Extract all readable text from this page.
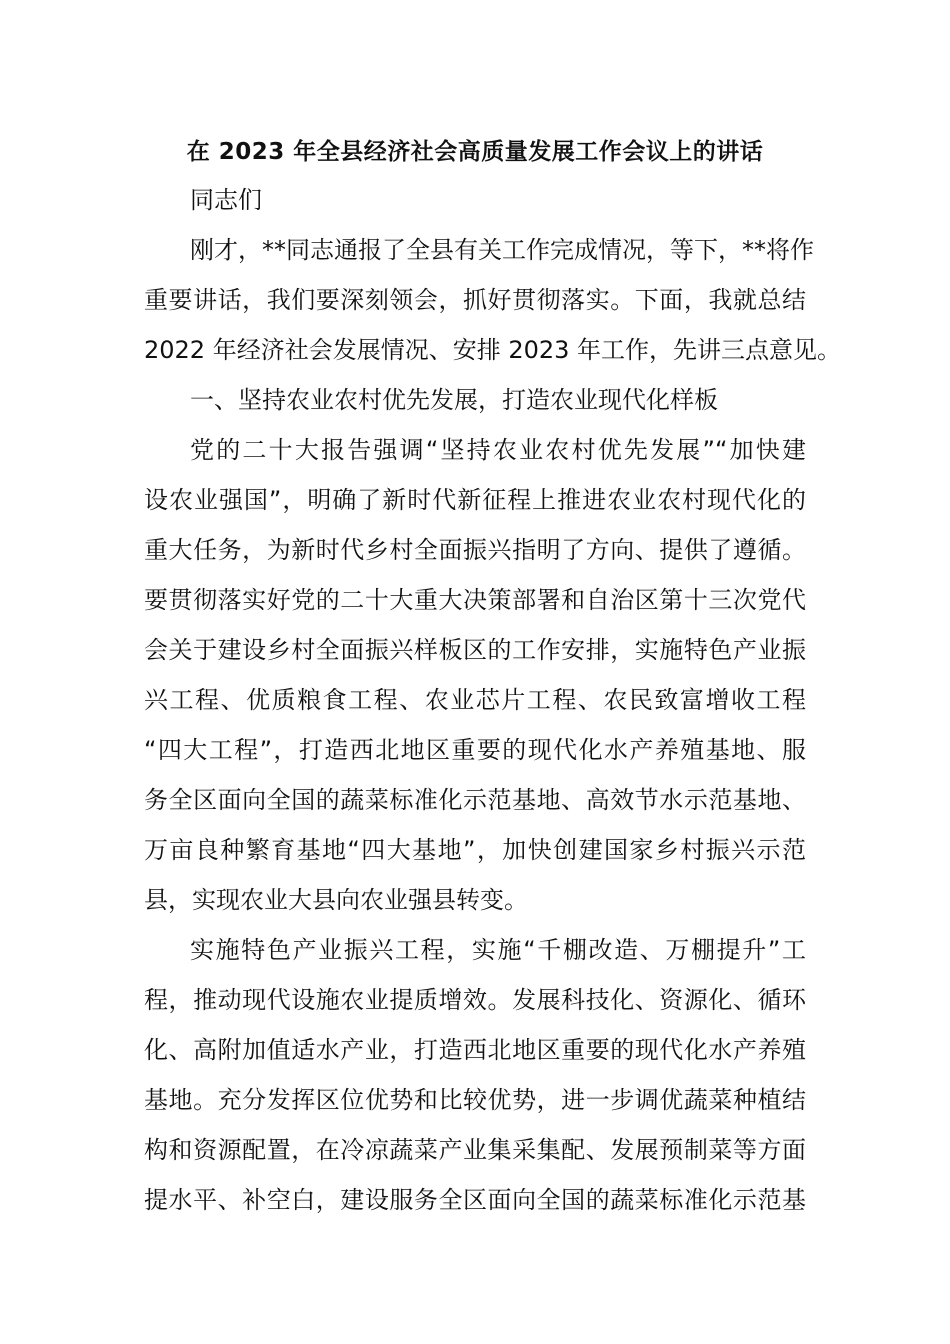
在 2023 年全县经济社会高质量发展工作会议上的讲话

同志们

刚才，**同志通报了全县有关工作完成情况，等下，**将作

重要讲话，我们要深刻领会，抓好贯彻落实。下面，我就总结

2022 年经济社会发展情况、安排 2023 年工作，先讲三点意见。

一、坚持农业农村优先发展，打造农业现代化样板

党的二十大报告强调“坚持农业农村优先发展”“加快建

设农业强国”，明确了新时代新征程上推进农业农村现代化的

重大任务，为新时代乡村全面振兴指明了方向、提供了遵循。

要贯彻落实好党的二十大重大决策部署和自治区第十三次党代

会关于建设乡村全面振兴样板区的工作安排，实施特色产业振

兴工程、优质粮食工程、农业芯片工程、农民致富增收工程

“四大工程”，打造西北地区重要的现代化水产养殖基地、服

务全区面向全国的蔬菜标准化示范基地、高效节水示范基地、

万亩良种繁育基地“四大基地”，加快创建国家乡村振兴示范

县，实现农业大县向农业强县转变。

实施特色产业振兴工程，实施“千棚改造、万棚提升”工

程，推动现代设施农业提质增效。发展科技化、资源化、循环

化、高附加值适水产业，打造西北地区重要的现代化水产养殖

基地。充分发挥区位优势和比较优势，进一步调优蔬菜种植结

构和资源配置，在冷凉蔬菜产业集采集配、发展预制菜等方面

提水平、补空白，建设服务全区面向全国的蔬菜标准化示范基
